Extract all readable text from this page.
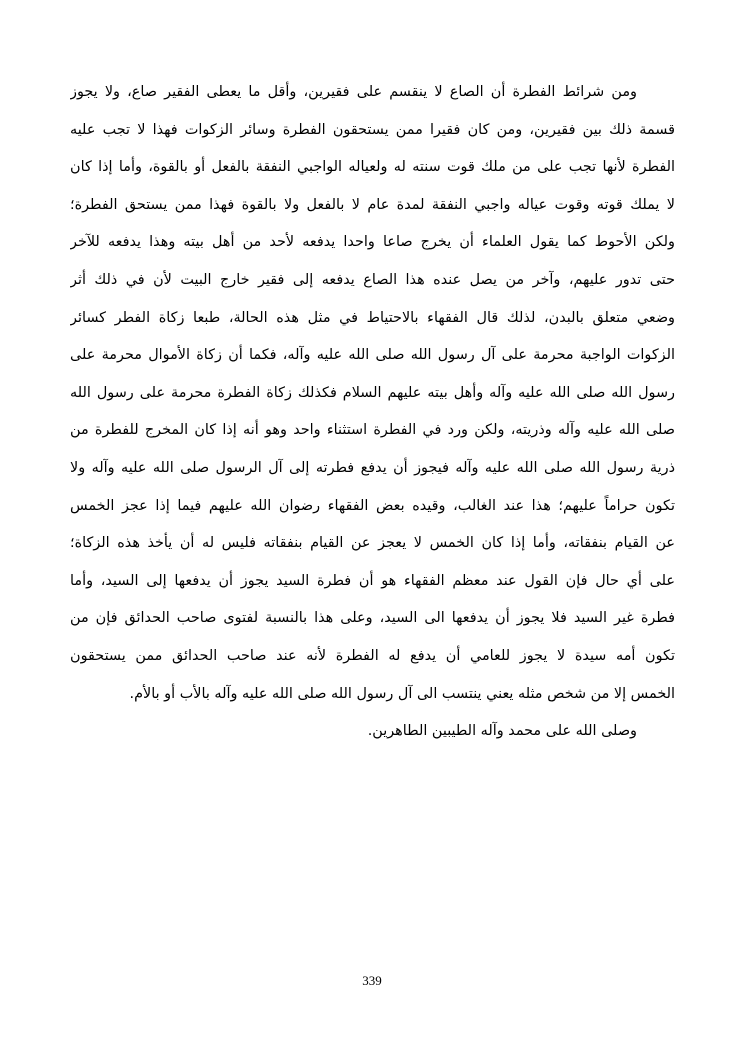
ومن شرائط الفطرة أن الصاع لا ينقسم على فقيرين، وأقل ما يعطى الفقير صاع، ولا يجوز
قسمة ذلك بين فقيرين، ومن كان فقيرا ممن يستحقون الفطرة وسائر الزكوات فهذا لا تجب عليه
الفطرة لأنها تجب على من ملك قوت سنته له ولعياله الواجبي النفقة بالفعل أو بالقوة، وأما إذا كان
لا يملك قوته وقوت عياله واجبي النفقة لمدة عام لا بالفعل ولا بالقوة فهذا ممن يستحق الفطرة؛
ولكن الأحوط كما يقول العلماء أن يخرج صاعا واحدا يدفعه لأحد من أهل بيته وهذا يدفعه للآخر
حتى تدور عليهم، وآخر من يصل عنده هذا الصاع يدفعه إلى فقير خارج البيت لأن في ذلك أثر
وضعي متعلق بالبدن، لذلك قال الفقهاء بالاحتياط في مثل هذه الحالة، طبعا زكاة الفطر كسائر
الزكوات الواجبة محرمة على آل رسول الله صلى الله عليه وآله، فكما أن زكاة الأموال محرمة على
رسول الله صلى الله عليه وآله وأهل بيته عليهم السلام فكذلك زكاة الفطرة محرمة على رسول الله
صلى الله عليه وآله وذريته، ولكن ورد في الفطرة استثناء واحد وهو أنه إذا كان المخرج للفطرة من
ذرية رسول الله صلى الله عليه وآله فيجوز أن يدفع فطرته إلى آل الرسول صلى الله عليه وآله ولا
تكون حراماً عليهم؛ هذا عند الغالب، وقيده بعض الفقهاء رضوان الله عليهم فيما إذا عجز الخمس
عن القيام بنفقاته، وأما إذا كان الخمس لا يعجز عن القيام بنفقاته فليس له أن يأخذ هذه الزكاة؛
على أي حال فإن القول عند معظم الفقهاء هو أن فطرة السيد يجوز أن يدفعها إلى السيد، وأما
فطرة غير السيد فلا يجوز أن يدفعها الى السيد، وعلى هذا بالنسبة لفتوى صاحب الحدائق فإن من
تكون أمه سيدة لا يجوز للعامي أن يدفع له الفطرة لأنه عند صاحب الحدائق ممن يستحقون
الخمس إلا من شخص مثله يعني ينتسب الى آل رسول الله صلى الله عليه وآله بالأب أو بالأم.
وصلى الله على محمد وآله الطيبين الطاهرين.
339
